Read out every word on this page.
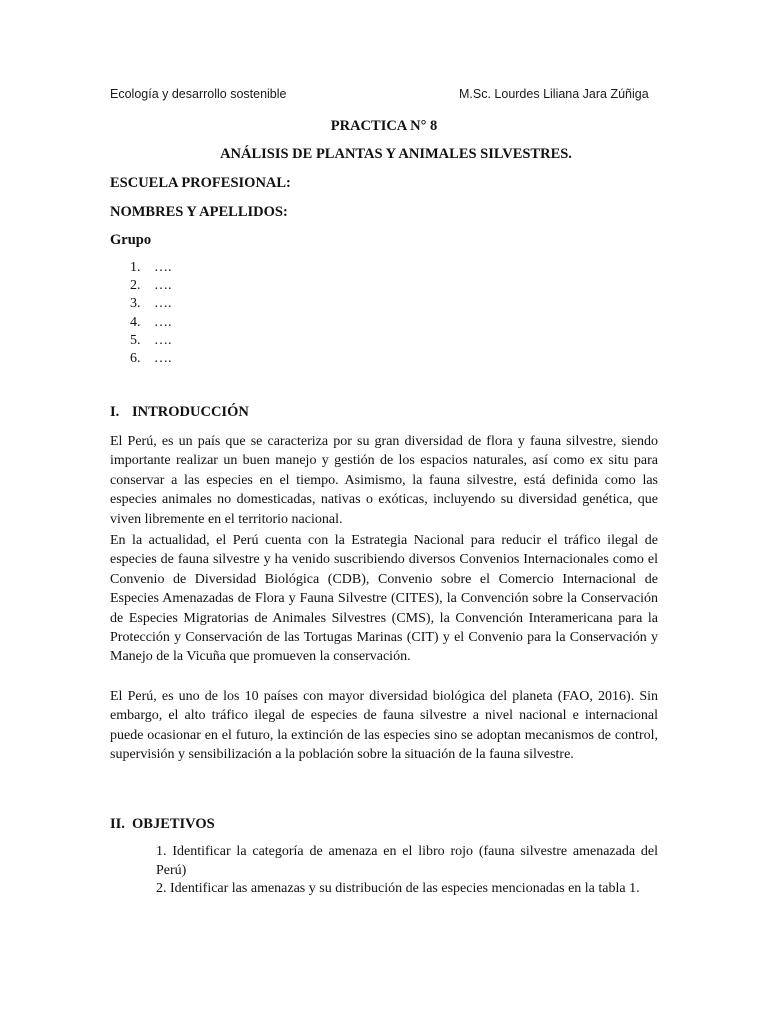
Ecología y desarrollo sostenible	M.Sc. Lourdes Liliana Jara Zúñiga
PRACTICA N° 8
ANÁLISIS DE PLANTAS Y ANIMALES SILVESTRES.
ESCUELA PROFESIONAL:
NOMBRES Y APELLIDOS:
Grupo
1. ….
2. ….
3. ….
4. ….
5. ….
6. ….
I. INTRODUCCIÓN

El Perú, es un país que se caracteriza por su gran diversidad de flora y fauna silvestre, siendo importante realizar un buen manejo y gestión de los espacios naturales, así como ex situ para conservar a las especies en el tiempo. Asimismo, la fauna silvestre, está definida como las especies animales no domesticadas, nativas o exóticas, incluyendo su diversidad genética, que viven libremente en el territorio nacional.

En la actualidad, el Perú cuenta con la Estrategia Nacional para reducir el tráfico ilegal de especies de fauna silvestre y ha venido suscribiendo diversos Convenios Internacionales como el Convenio de Diversidad Biológica (CDB), Convenio sobre el Comercio Internacional de Especies Amenazadas de Flora y Fauna Silvestre (CITES), la Convención sobre la Conservación de Especies Migratorias de Animales Silvestres (CMS), la Convención Interamericana para la Protección y Conservación de las Tortugas Marinas (CIT) y el Convenio para la Conservación y Manejo de la Vicuña que promueven la conservación.

El Perú, es uno de los 10 países con mayor diversidad biológica del planeta (FAO, 2016). Sin embargo, el alto tráfico ilegal de especies de fauna silvestre a nivel nacional e internacional puede ocasionar en el futuro, la extinción de las especies sino se adoptan mecanismos de control, supervisión y sensibilización a la población sobre la situación de la fauna silvestre.

II. OBJETIVOS

1. Identificar la categoría de amenaza en el libro rojo (fauna silvestre amenazada del Perú)

2. Identificar las amenazas y su distribución de las especies mencionadas en la tabla 1.
